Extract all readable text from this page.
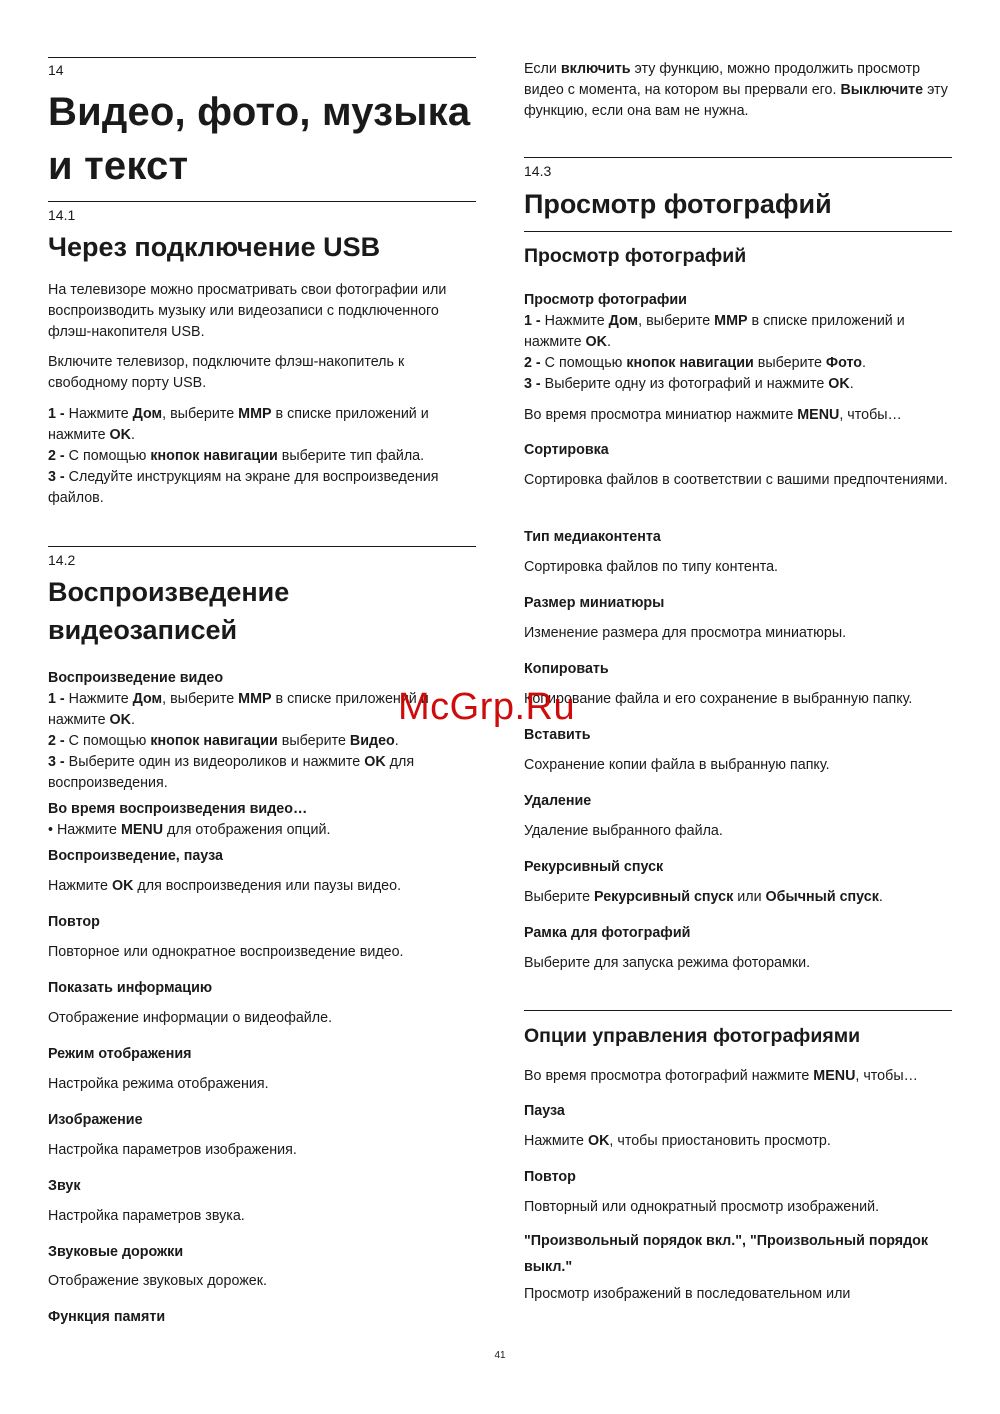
14
Видео, фото, музыка
и текст
14.1
Через подключение USB

На телевизоре можно просматривать свои фотографии или воспроизводить музыку или видеозаписи с подключенного флэш-накопителя USB.

Включите телевизор, подключите флэш-накопитель к свободному порту USB.

1 - Нажмите Дом, выберите MMP в списке приложений и нажмите OK.

2 - С помощью кнопок навигации выберите тип файла.

3 - Следуйте инструкциям на экране для воспроизведения файлов.

14.2
Воспроизведение
видеозаписей
Воспроизведение видео

1 - Нажмите Дом, выберите MMP в списке приложений и нажмите OK.

2 - С помощью кнопок навигации выберите Видео.

3 - Выберите один из видеороликов и нажмите OK для воспроизведения.

Во время воспроизведения видео…

• Нажмите MENU для отображения опций.

Воспроизведение, пауза

Нажмите OK для воспроизведения или паузы видео.

Повтор

Повторное или однократное воспроизведение видео.

Показать информацию

Отображение информации о видеофайле.

Режим отображения

Настройка режима отображения.

Изображение

Настройка параметров изображения.

Звук

Настройка параметров звука.

Звуковые дорожки

Отображение звуковых дорожек.

Функция памяти

Если включить эту функцию, можно продолжить просмотр видео с момента, на котором вы прервали его. Выключите эту функцию, если она вам не нужна.

14.3
Просмотр фотографий
Просмотр фотографий
Просмотр фотографии

1 - Нажмите Дом, выберите MMP в списке приложений и нажмите OK.

2 - С помощью кнопок навигации выберите Фото.

3 - Выберите одну из фотографий и нажмите OK.

Во время просмотра миниатюр нажмите MENU, чтобы…

Сортировка

Сортировка файлов в соответствии с вашими предпочтениями.

Тип медиаконтента

Сортировка файлов по типу контента.

Размер миниатюры

Изменение размера для просмотра миниатюры.

Копировать

Копирование файла и его сохранение в выбранную папку.

Вставить

Сохранение копии файла в выбранную папку.

Удаление

Удаление выбранного файла.

Рекурсивный спуск

Выберите Рекурсивный спуск или Обычный спуск.

Рамка для фотографий

Выберите для запуска режима фоторамки.

Опции управления фотографиями

Во время просмотра фотографий нажмите MENU, чтобы…

Пауза

Нажмите OK, чтобы приостановить просмотр.

Повтор

Повторный или однократный просмотр изображений.

"Произвольный порядок вкл.", "Произвольный порядок выкл."

Просмотр изображений в последовательном или

McGrp.Ru
41
